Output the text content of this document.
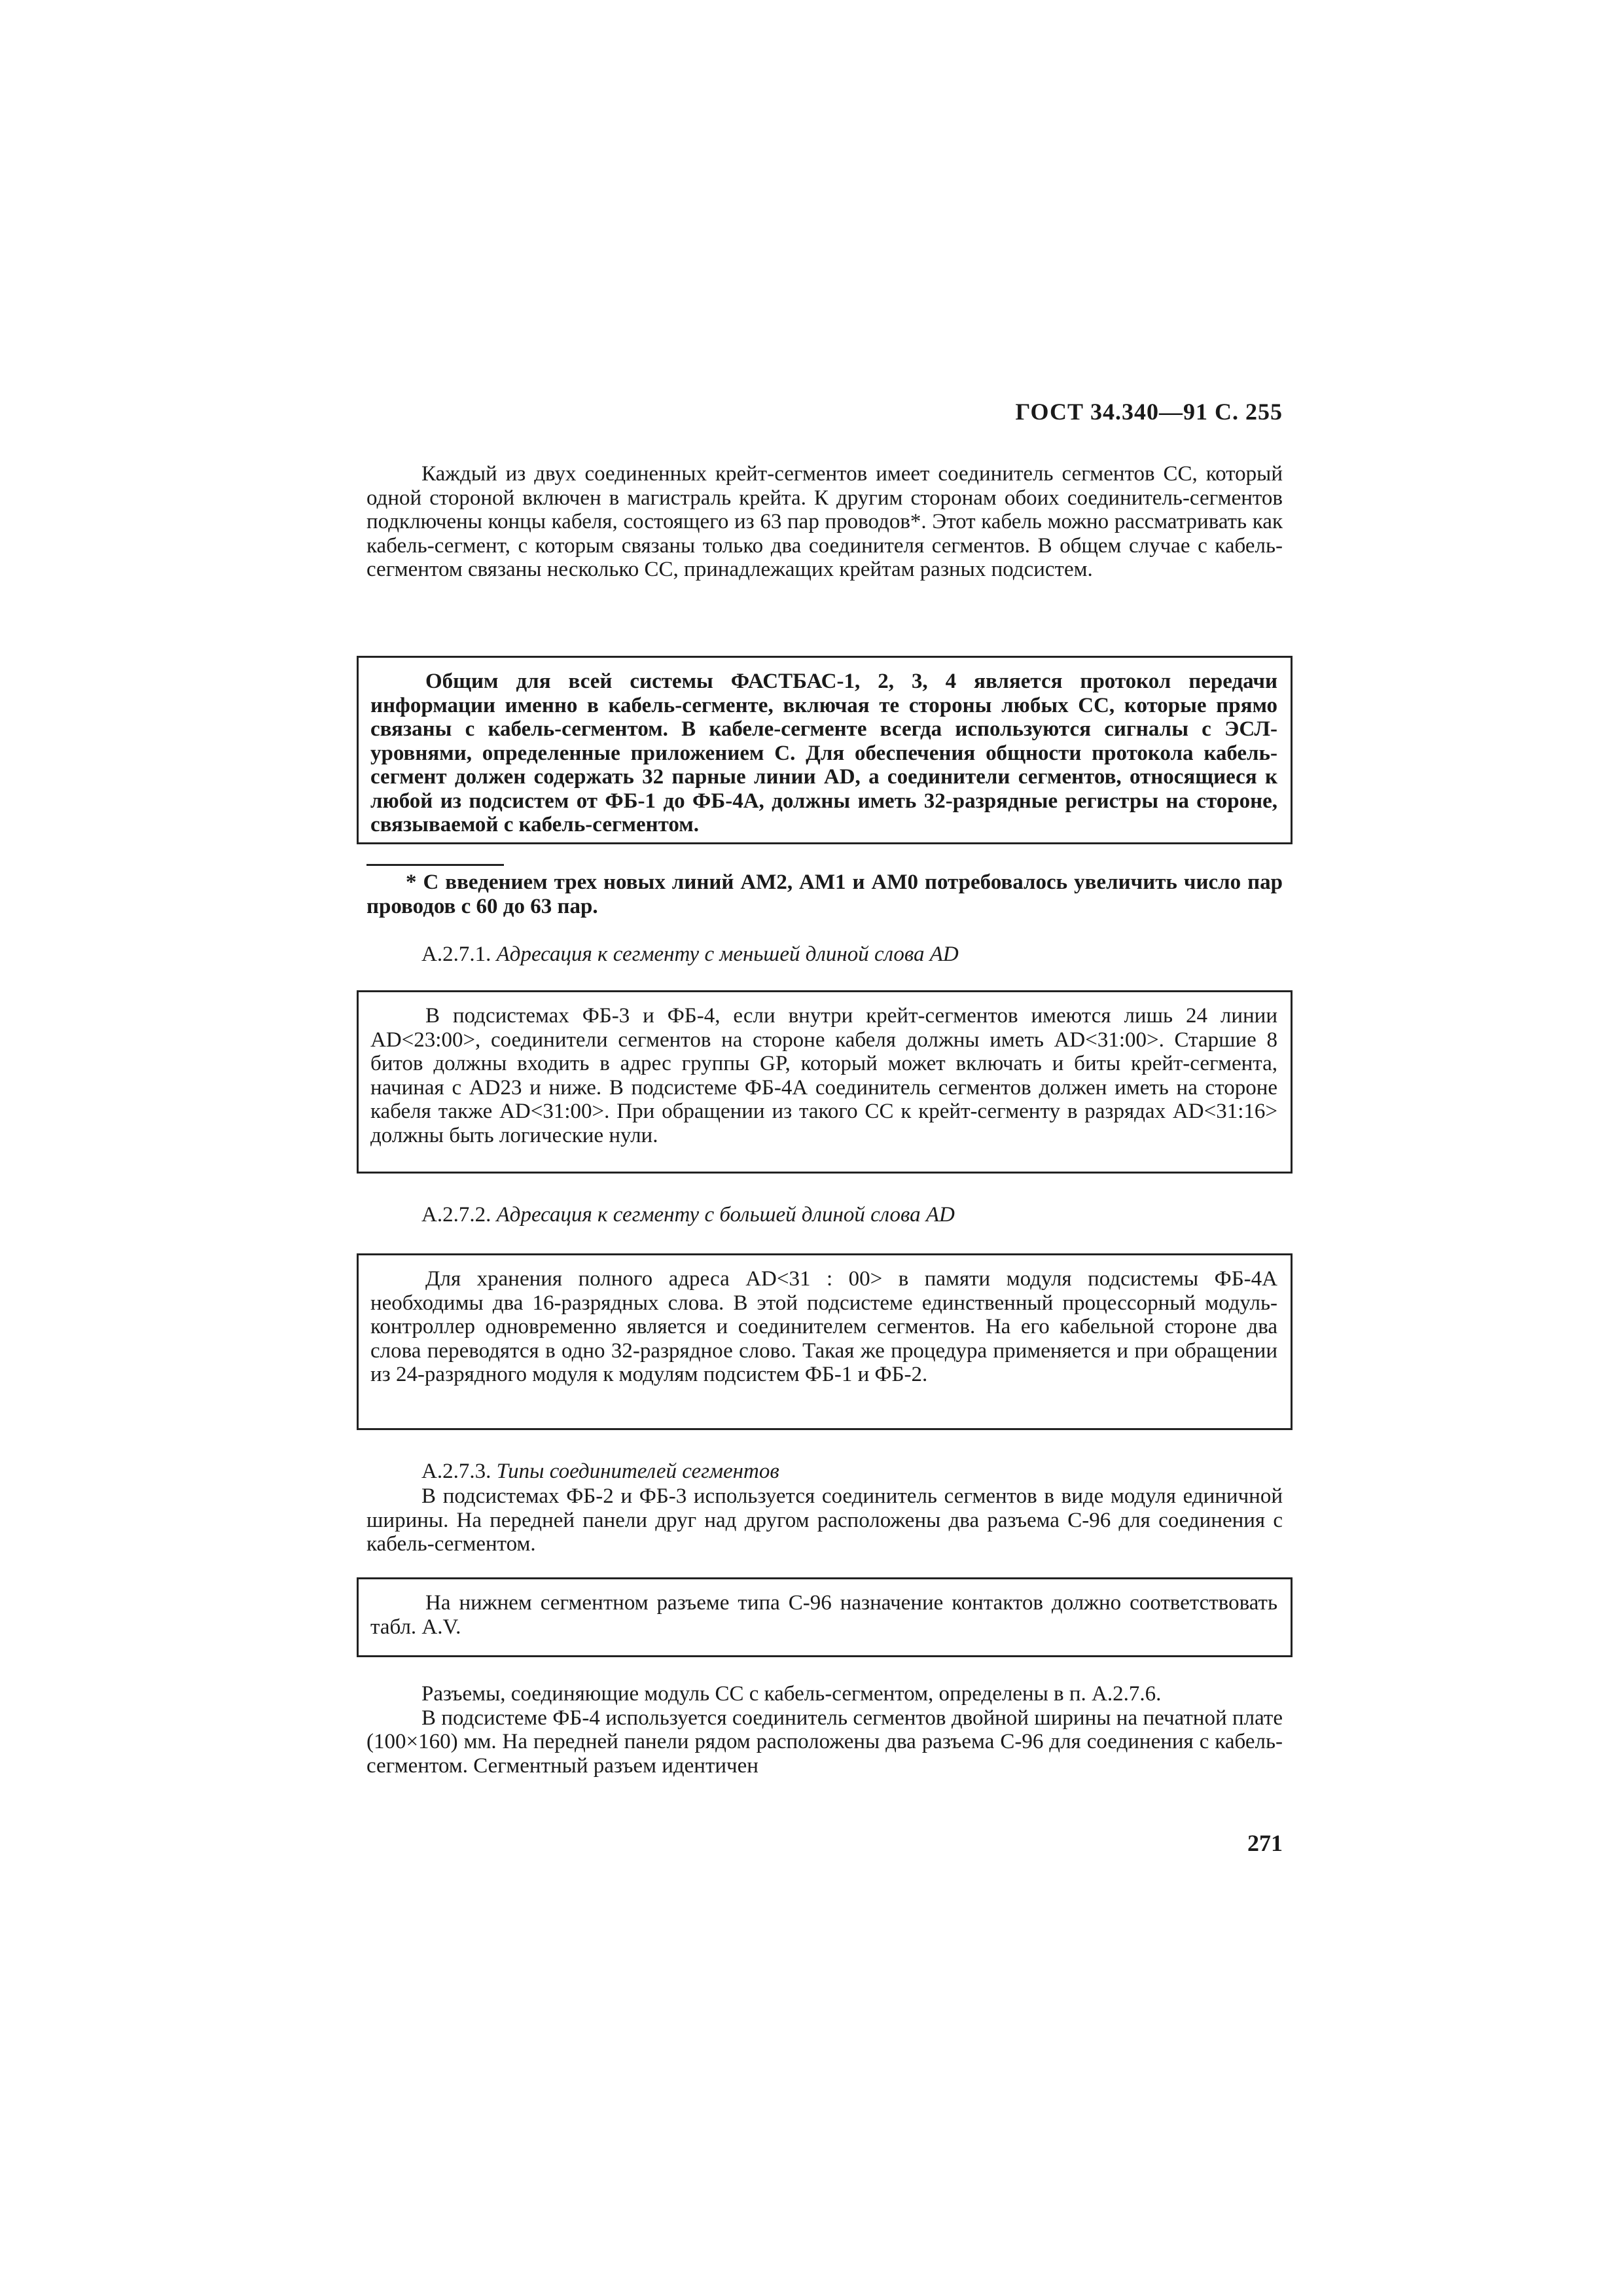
ГОСТ 34.340—91 С. 255

Каждый из двух соединенных крейт-сегментов имеет соединитель сегментов СС, который одной стороной включен в магистраль крейта. К другим сторонам обоих соединитель-сегментов подключены концы кабеля, состоящего из 63 пар проводов*. Этот кабель можно рассматривать как кабель-сегмент, с которым связаны только два соединителя сегментов. В общем случае с кабель-сегментом связаны несколько СС, принадлежащих крейтам разных подсистем.

Общим для всей системы ФАСТБАС-1, 2, 3, 4 является протокол передачи информации именно в кабель-сегменте, включая те стороны любых СС, которые прямо связаны с кабель-сегментом. В кабеле-сегменте всегда используются сигналы с ЭСЛ-уровнями, определенные приложением С. Для обеспечения общности протокола кабель-сегмент должен содержать 32 парные линии AD, а соединители сегментов, относящиеся к любой из подсистем от ФБ-1 до ФБ-4А, должны иметь 32-разрядные регистры на стороне, связываемой с кабель-сегментом.

* С введением трех новых линий АМ2, АМ1 и АМ0 потребовалось увеличить число пар проводов с 60 до 63 пар.

А.2.7.1. Адресация к сегменту с меньшей длиной слова AD

В подсистемах ФБ-3 и ФБ-4, если внутри крейт-сегментов имеются лишь 24 линии AD<23:00>, соединители сегментов на стороне кабеля должны иметь AD<31:00>. Старшие 8 битов должны входить в адрес группы GP, который может включать и биты крейт-сегмента, начиная с AD23 и ниже. В подсистеме ФБ-4А соединитель сегментов должен иметь на стороне кабеля также AD<31:00>. При обращении из такого СС к крейт-сегменту в разрядах AD<31:16> должны быть логические нули.

А.2.7.2. Адресация к сегменту с большей длиной слова AD

Для хранения полного адреса AD<31 : 00> в памяти модуля подсистемы ФБ-4А необходимы два 16-разрядных слова. В этой подсистеме единственный процессорный модуль-контроллер одновременно является и соединителем сегментов. На его кабельной стороне два слова переводятся в одно 32-разрядное слово. Такая же процедура применяется и при обращении из 24-разрядного модуля к модулям подсистем ФБ-1 и ФБ-2.

А.2.7.3. Типы соединителей сегментов

В подсистемах ФБ-2 и ФБ-3 используется соединитель сегментов в виде модуля единичной ширины. На передней панели друг над другом расположены два разъема С-96 для соединения с кабель-сегментом.

На нижнем сегментном разъеме типа С-96 назначение контактов должно соответствовать табл. A.V.

Разъемы, соединяющие модуль СС с кабель-сегментом, определены в п. А.2.7.6.

В подсистеме ФБ-4 используется соединитель сегментов двойной ширины на печатной плате (100×160) мм. На передней панели рядом расположены два разъема С-96 для соединения с кабель-сегментом. Сегментный разъем идентичен

271
